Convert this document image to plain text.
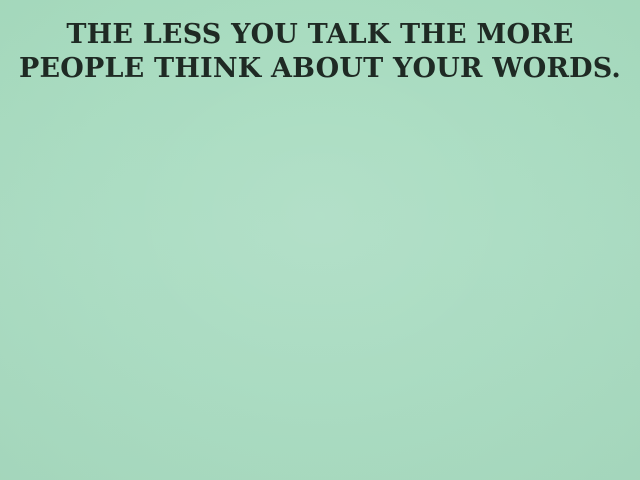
THE LESS YOU TALK THE MORE
PEOPLE THINK ABOUT YOUR WORDS.
